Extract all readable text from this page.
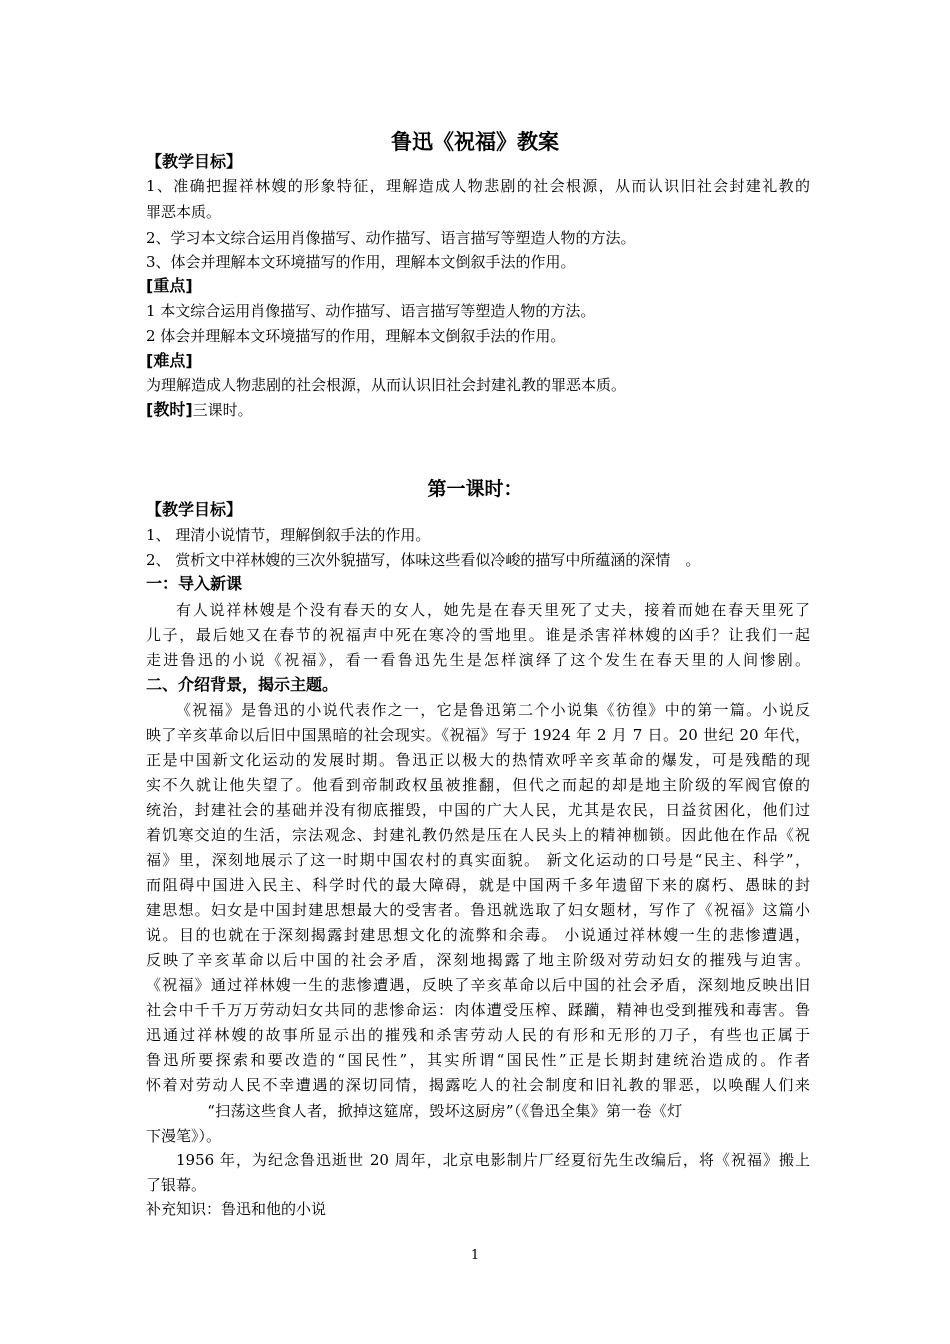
鲁迅《祝福》教案
【教学目标】
1、准确把握祥林嫂的形象特征，理解造成人物悲剧的社会根源，从而认识旧社会封建礼教的
罪恶本质。
2、学习本文综合运用肖像描写、动作描写、语言描写等塑造人物的方法。
3、体会并理解本文环境描写的作用，理解本文倒叙手法的作用。
[重点]
1 本文综合运用肖像描写、动作描写、语言描写等塑造人物的方法。
2 体会并理解本文环境描写的作用，理解本文倒叙手法的作用。
[难点]
为理解造成人物悲剧的社会根源，从而认识旧社会封建礼教的罪恶本质。
[教时]三课时。
第一课时：
【教学目标】
1、 理清小说情节，理解倒叙手法的作用。
2、 赏析文中祥林嫂的三次外貌描写，体味这些看似冷峻的描写中所蕴涵的深情　。
一：导入新课
有人说祥林嫂是个没有春天的女人，她先是在春天里死了丈夫，接着而她在春天里死了
儿子，最后她又在春节的祝福声中死在寒冷的雪地里。谁是杀害祥林嫂的凶手？让我们一起
走进鲁迅的小说《祝福》，看一看鲁迅先生是怎样演绎了这个发生在春天里的人间惨剧。
二、介绍背景，揭示主题。
《祝福》是鲁迅的小说代表作之一，它是鲁迅第二个小说集《彷徨》中的第一篇。小说反
映了辛亥革命以后旧中国黑暗的社会现实。《祝福》写于 1924 年 2 月 7 日。20 世纪 20 年代，
正是中国新文化运动的发展时期。鲁迅正以极大的热情欢呼辛亥革命的爆发，可是残酷的现
实不久就让他失望了。他看到帝制政权虽被推翻，但代之而起的却是地主阶级的军阀官僚的
统治，封建社会的基础并没有彻底摧毁，中国的广大人民，尤其是农民，日益贫困化，他们过
着饥寒交迫的生活，宗法观念、封建礼教仍然是压在人民头上的精神枷锁。因此他在作品《祝
福》里，深刻地展示了这一时期中国农村的真实面貌。 新文化运动的口号是“民主、科学”，
而阻碍中国进入民主、科学时代的最大障碍，就是中国两千多年遗留下来的腐朽、愚昧的封
建思想。妇女是中国封建思想最大的受害者。鲁迅就选取了妇女题材，写作了《祝福》这篇小
说。目的也就在于深刻揭露封建思想文化的流弊和余毒。 小说通过祥林嫂一生的悲惨遭遇，
反映了辛亥革命以后中国的社会矛盾，深刻地揭露了地主阶级对劳动妇女的摧残与迫害。
《祝福》通过祥林嫂一生的悲惨遭遇，反映了辛亥革命以后中国的社会矛盾，深刻地反映出旧
社会中千千万万劳动妇女共同的悲惨命运：肉体遭受压榨、蹂躏，精神也受到摧残和毒害。鲁
迅通过祥林嫂的故事所显示出的摧残和杀害劳动人民的有形和无形的刀子，有些也正属于
鲁迅所要探索和要改造的“国民性”，其实所谓“国民性”正是长期封建统治造成的。作者
怀着对劳动人民不幸遭遇的深切同情，揭露吃人的社会制度和旧礼教的罪恶，以唤醒人们来
　　　　“扫荡这些食人者，掀掉这筵席，毁坏这厨房”（《鲁迅全集》第一卷《灯
下漫笔》）。
1956 年，为纪念鲁迅逝世 20 周年，北京电影制片厂经夏衍先生改编后，将《祝福》搬上
了银幕。
补充知识：鲁迅和他的小说
1
